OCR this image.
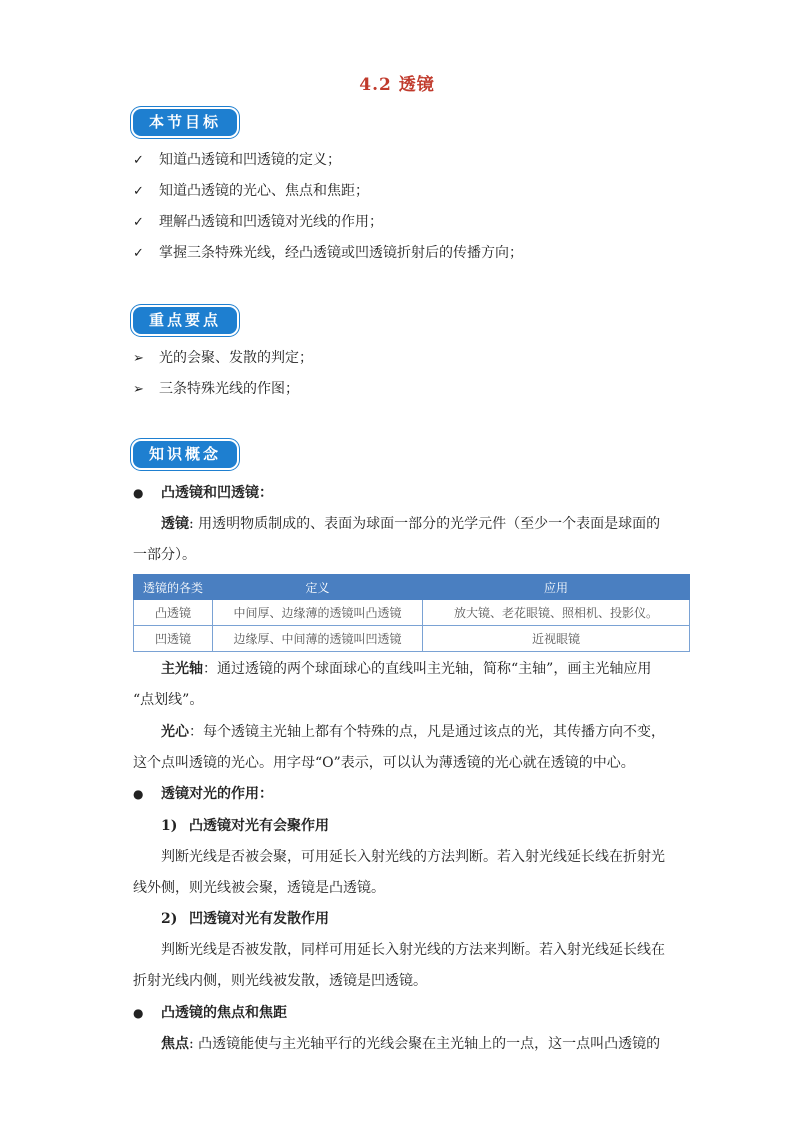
4.2 透镜
本节目标
✓ 知道凸透镜和凹透镜的定义；
✓ 知道凸透镜的光心、焦点和焦距；
✓ 理解凸透镜和凹透镜对光线的作用；
✓ 掌握三条特殊光线，经凸透镜或凹透镜折射后的传播方向；
重点要点
➢ 光的会聚、发散的判定；
➢ 三条特殊光线的作图；
知识概念
● 凸透镜和凹透镜：
透镜: 用透明物质制成的、表面为球面一部分的光学元件（至少一个表面是球面的
一部分）。
透镜的各类	定义	应用
凸透镜	中间厚、边缘薄的透镜叫凸透镜	放大镜、老花眼镜、照相机、投影仪。
凹透镜	边缘厚、中间薄的透镜叫凹透镜	近视眼镜
主光轴：通过透镜的两个球面球心的直线叫主光轴，简称“主轴”，画主光轴应用
“点划线”。
光心：每个透镜主光轴上都有个特殊的点，凡是通过该点的光，其传播方向不变，
这个点叫透镜的光心。用字母“O”表示，可以认为薄透镜的光心就在透镜的中心。
● 透镜对光的作用：
1) 凸透镜对光有会聚作用
判断光线是否被会聚，可用延长入射光线的方法判断。若入射光线延长线在折射光
线外侧，则光线被会聚，透镜是凸透镜。
2) 凹透镜对光有发散作用
判断光线是否被发散，同样可用延长入射光线的方法来判断。若入射光线延长线在
折射光线内侧，则光线被发散，透镜是凹透镜。
● 凸透镜的焦点和焦距
焦点: 凸透镜能使与主光轴平行的光线会聚在主光轴上的一点，这一点叫凸透镜的
